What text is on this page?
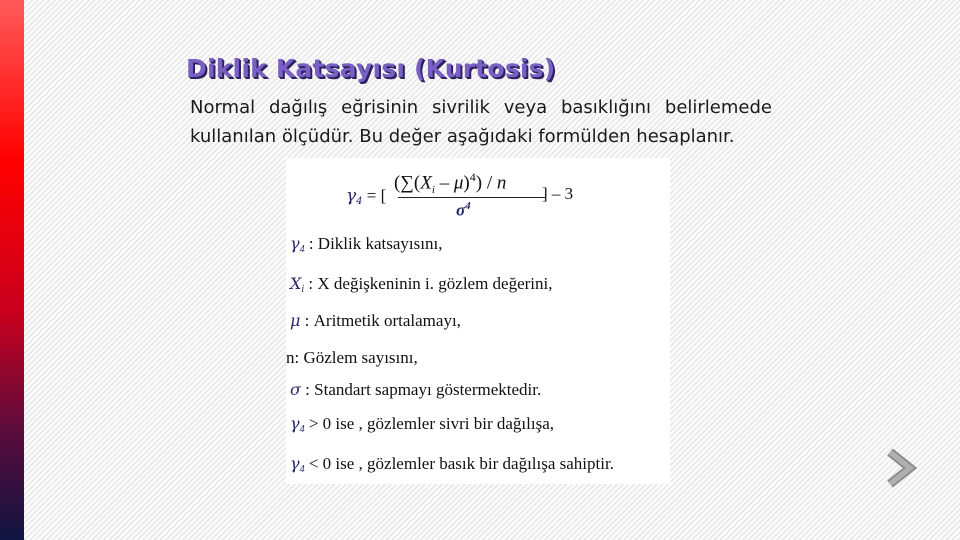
Diklik Katsayısı (Kurtosis)
Normal dağılış eğrisinin sivrilik veya basıklığını belirlemede kullanılan ölçüdür. Bu değer aşağıdaki formülden hesaplanır.
γ4 = [
$(\sum(X_i - \mu)^4)$ / n
$\sigma^4$
] – 3
γ4 : Diklik katsayısını,
Xi : X değişkeninin i. gözlem değerini,
μ : Aritmetik ortalamayı,
n: Gözlem sayısını,
σ : Standart sapmayı göstermektedir.
γ4 > 0 ise , gözlemler sivri bir dağılışa,
γ4 < 0 ise , gözlemler basık bir dağılışa sahiptir.
